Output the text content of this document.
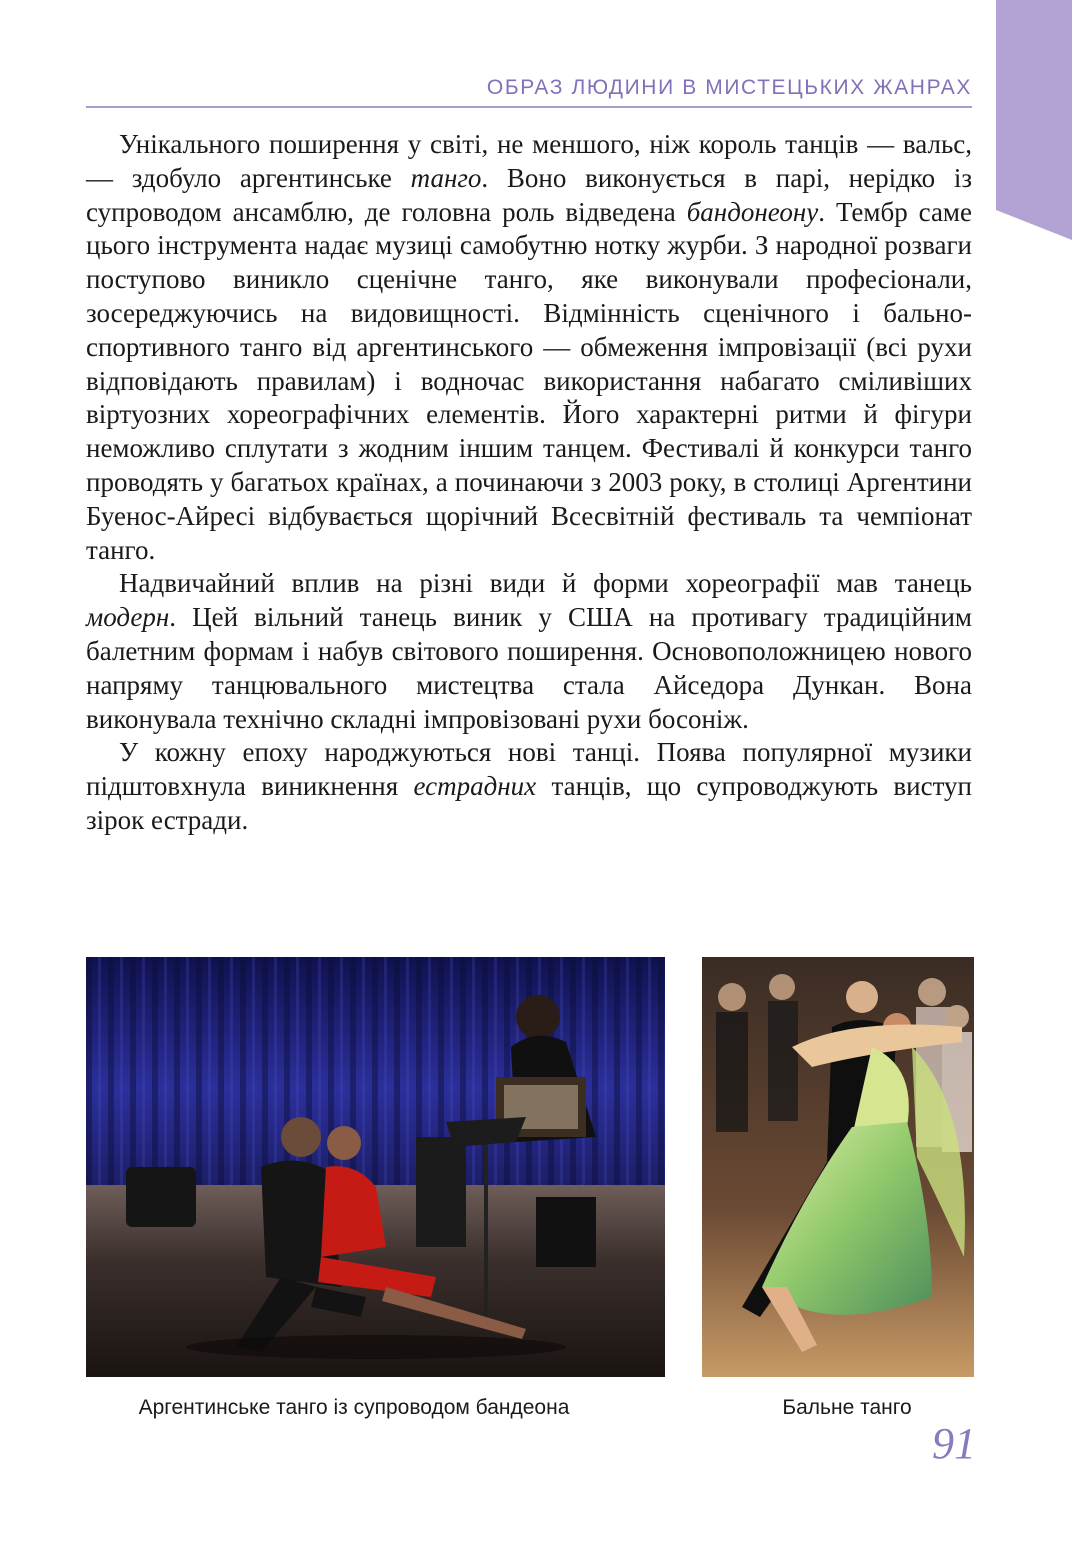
ОБРАЗ ЛЮДИНИ В МИСТЕЦЬКИХ ЖАНРАХ

Унікального поширення у світі, не меншого, ніж король танців — вальс,— здобуло аргентинське танго. Воно виконується в парі, нерідко із супроводом ансамблю, де головна роль відведена бандонеону. Тембр саме цього інструмента надає музиці самобутню нотку журби. З народної розваги поступово виникло сценічне танго, яке виконували професіонали, зосереджуючись на видовищності. Відмінність сценічного і бально-спортивного танго від аргентинського — обмеження імпровізації (всі рухи відповідають правилам) і водночас використання набагато сміливіших віртуозних хореографічних елементів. Його характерні ритми й фігури неможливо сплутати з жодним іншим танцем. Фестивалі й конкурси танго проводять у багатьох країнах, а починаючи з 2003 року, в столиці Аргентини Буенос-Айресі відбувається щорічний Всесвітній фестиваль та чемпіонат танго.

Надвичайний вплив на різні види й форми хореографії мав танець модерн. Цей вільний танець виник у США на противагу традиційним балетним формам і набув світового поширення. Основоположницею нового напряму танцювального мистецтва стала Айседора Дункан. Вона виконувала технічно складні імпровізовані рухи босоніж.

У кожну епоху народжуються нові танці. Поява популярної музики підштовхнула виникнення естрадних танців, що супроводжують виступ зірок естради.

Аргентинське танго із супроводом бандеона	Бальне танго
91
